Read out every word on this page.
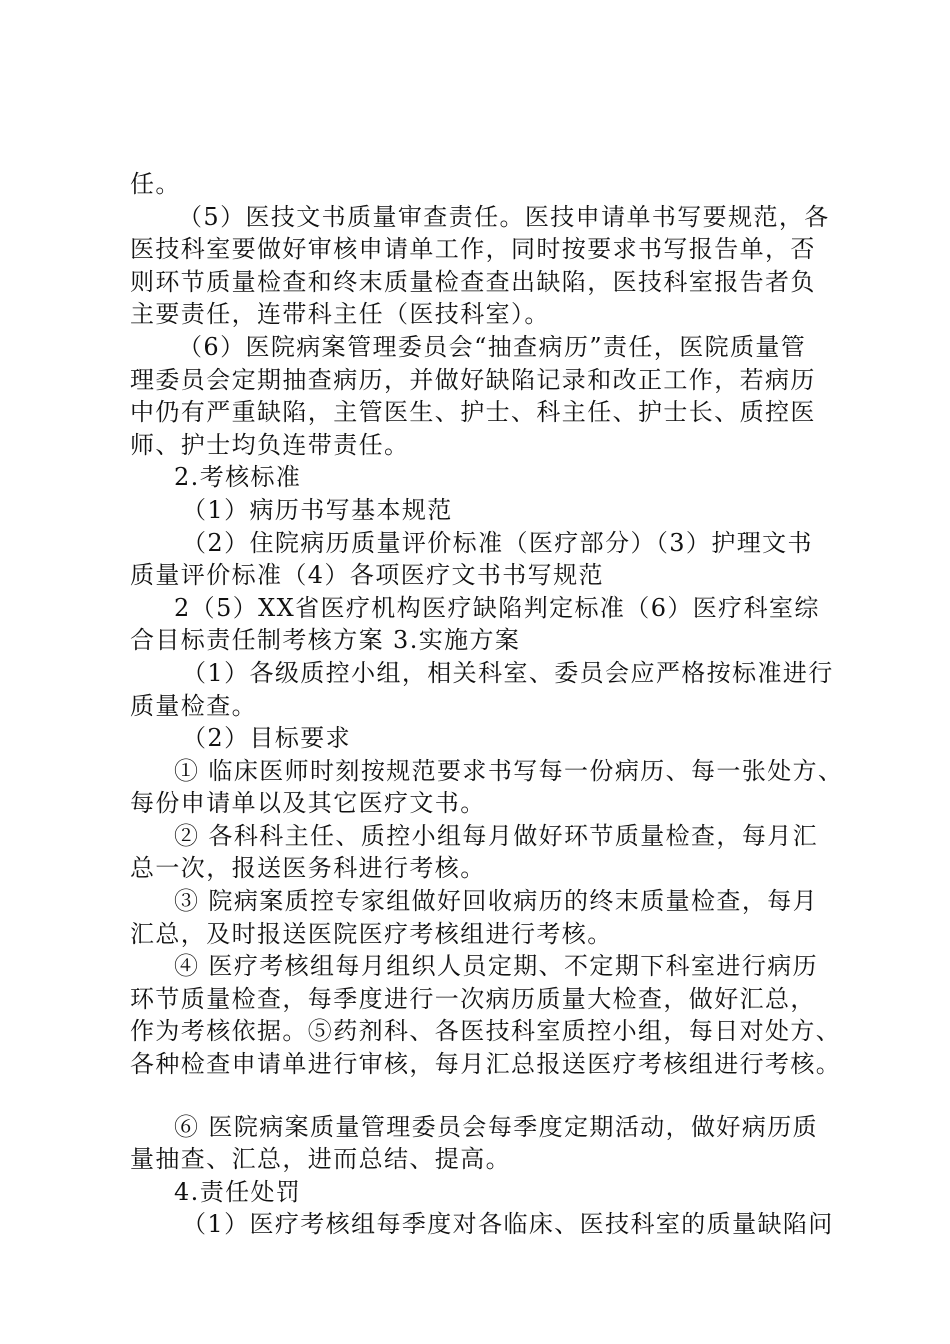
任。
（5）医技文书质量审查责任。医技申请单书写要规范，各
医技科室要做好审核申请单工作，同时按要求书写报告单，否
则环节质量检查和终末质量检查查出缺陷，医技科室报告者负
主要责任，连带科主任（医技科室）。
（6）医院病案管理委员会“抽查病历”责任，医院质量管
理委员会定期抽查病历，并做好缺陷记录和改正工作，若病历
中仍有严重缺陷，主管医生、护士、科主任、护士长、质控医
师、护士均负连带责任。
2.考核标准
（1）病历书写基本规范
（2）住院病历质量评价标准（医疗部分）（3）护理文书
质量评价标准（4）各项医疗文书书写规范
2（5）XX省医疗机构医疗缺陷判定标准（6）医疗科室综
合目标责任制考核方案 3.实施方案
（1）各级质控小组，相关科室、委员会应严格按标准进行
质量检查。
（2）目标要求
① 临床医师时刻按规范要求书写每一份病历、每一张处方、
每份申请单以及其它医疗文书。
② 各科科主任、质控小组每月做好环节质量检查，每月汇
总一次，报送医务科进行考核。
③ 院病案质控专家组做好回收病历的终末质量检查，每月
汇总，及时报送医院医疗考核组进行考核。
④ 医疗考核组每月组织人员定期、不定期下科室进行病历
环节质量检查，每季度进行一次病历质量大检查，做好汇总，
作为考核依据。⑤药剂科、各医技科室质控小组，每日对处方、
各种检查申请单进行审核，每月汇总报送医疗考核组进行考核。
⑥ 医院病案质量管理委员会每季度定期活动，做好病历质
量抽查、汇总，进而总结、提高。
4.责任处罚
（1）医疗考核组每季度对各临床、医技科室的质量缺陷问
